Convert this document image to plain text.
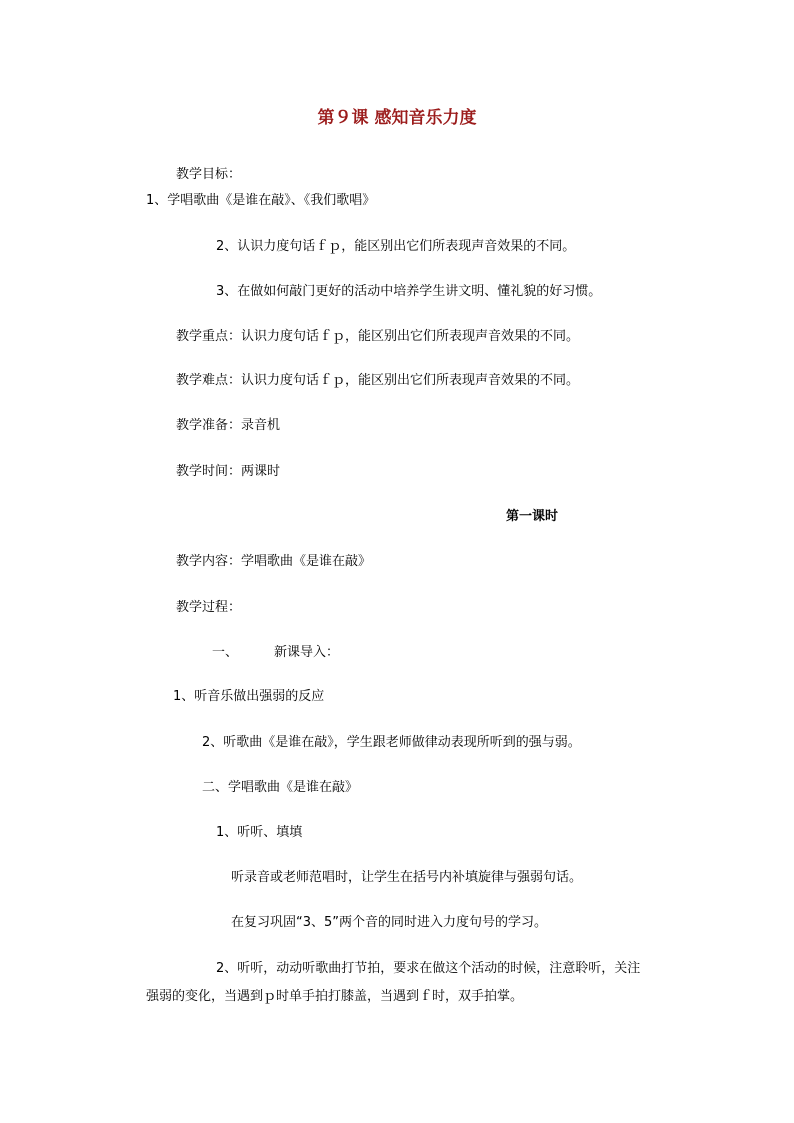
第９课 感知音乐力度

教学目标：

1、学唱歌曲《是谁在敲》、《我们歌唱》

2、认识力度句话ｆｐ，能区别出它们所表现声音效果的不同。

3、在做如何敲门更好的活动中培养学生讲文明、懂礼貌的好习惯。

教学重点：认识力度句话ｆｐ，能区别出它们所表现声音效果的不同。

教学难点：认识力度句话ｆｐ，能区别出它们所表现声音效果的不同。

教学准备：录音机

教学时间：两课时

第一课时

教学内容：学唱歌曲《是谁在敲》

教学过程：

一、	新课导入：

1、听音乐做出强弱的反应

2、听歌曲《是谁在敲》，学生跟老师做律动表现所听到的强与弱。

二、学唱歌曲《是谁在敲》

1、听听、填填

听录音或老师范唱时，让学生在括号内补填旋律与强弱句话。

在复习巩固“3、5”两个音的同时进入力度句号的学习。

2、听听，动动听歌曲打节拍，要求在做这个活动的时候，注意聆听，关注

强弱的变化，当遇到ｐ时单手拍打膝盖，当遇到ｆ时，双手拍掌。
